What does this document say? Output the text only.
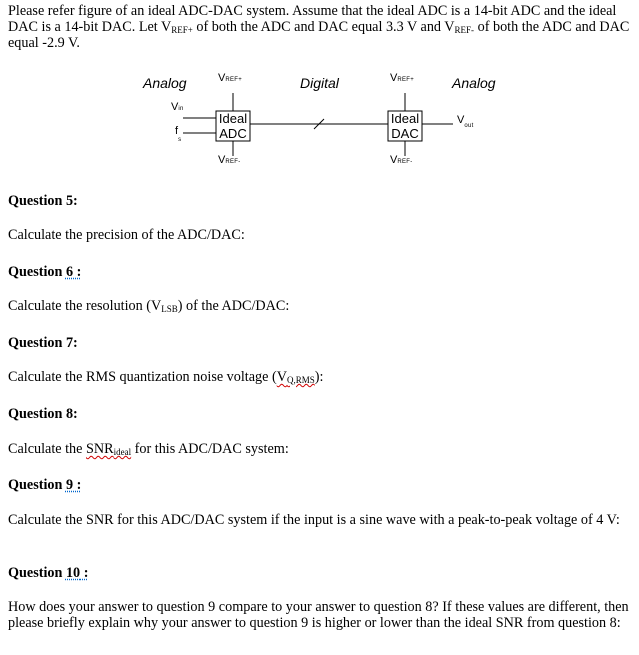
Please refer figure of an ideal ADC-DAC system. Assume that the ideal ADC is a 14-bit ADC and the ideal DAC is a 14-bit DAC. Let $V_{REF+}$ of both the ADC and DAC equal 3.3 V and $V_{REF-}$ of both the ADC and DAC equal -2.9 V.
Analog	Digital	Analog
VREF+
VREF-
VREF+
VREF-
Ideal
ADC
Ideal
DAC
Vin
$f_s$
$V_{out}$
Question 5:
Calculate the precision of the ADC/DAC:
Question 6 :
Calculate the resolution $(V_{LSB})$ of the ADC/DAC:
Question 7:
Calculate the RMS quantization noise voltage $(V_{Q,RMS})$:
Question 8:
Calculate the $SNR_{ideal}$ for this ADC/DAC system:
Question 9 :
Calculate the SNR for this ADC/DAC system if the input is a sine wave with a peak-to-peak voltage of 4 V:
Question 10 :
How does your answer to question 9 compare to your answer to question 8? If these values are different, then please briefly explain why your answer to question 9 is higher or lower than the ideal SNR from question 8:
